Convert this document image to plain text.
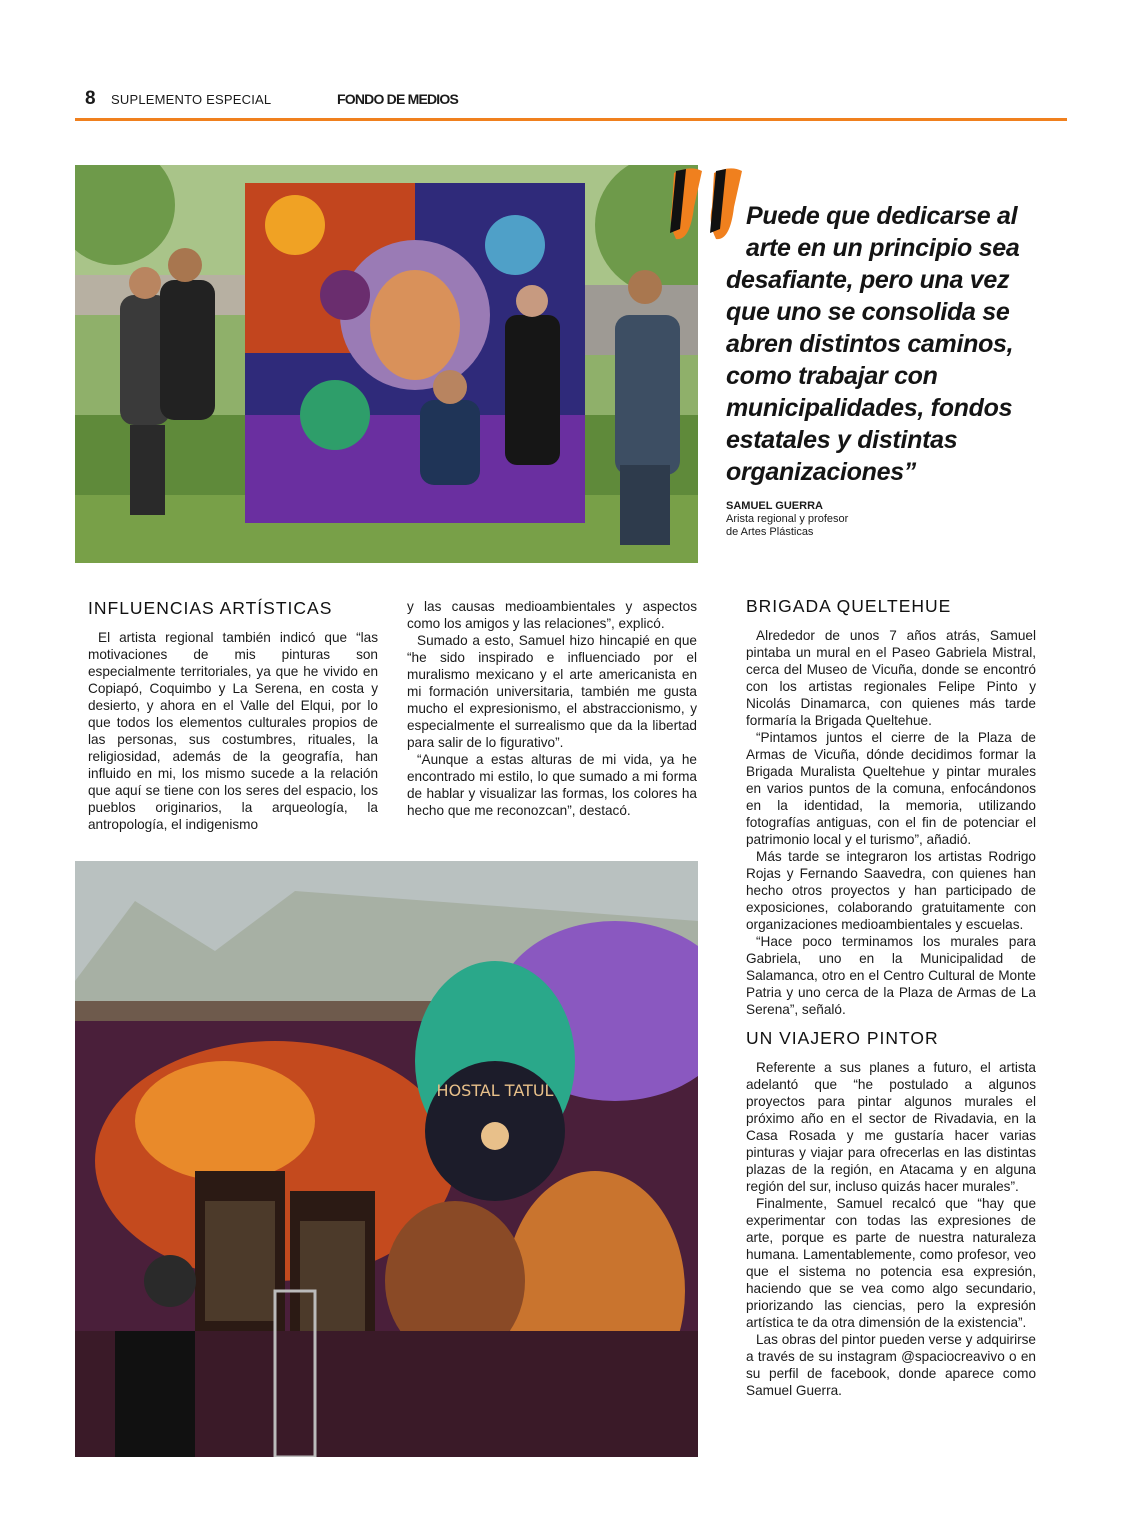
8 SUPLEMENTO ESPECIAL	FONDO DE MEDIOS

Puede que dedicarse al
arte en un principio sea
desafiante, pero una vez
que uno se consolida se
abren distintos caminos,
como trabajar con
municipalidades, fondos
estatales y distintas
organizaciones”

SAMUEL GUERRA
Arista regional y profesor
de Artes Plásticas
INFLUENCIAS ARTÍSTICAS

El artista regional también indicó que “las motivaciones de mis pinturas son especialmente territoriales, ya que he vivido en Copiapó, Coquimbo y La Serena, en costa y desierto, y ahora en el Valle del Elqui, por lo que todos los elementos culturales propios de las personas, sus costumbres, rituales, la religiosidad, además de la geografía, han influido en mi, los mismo sucede a la relación que aquí se tiene con los seres del espacio, los pueblos originarios, la arqueología, la antropología, el indigenismo

y las causas medioambientales y aspectos como los amigos y las relaciones”, explicó.

Sumado a esto, Samuel hizo hincapié en que “he sido inspirado e influenciado por el muralismo mexicano y el arte americanista en mi formación universitaria, también me gusta mucho el expresionismo, el abstraccionismo, y especialmente el surrealismo que da la libertad para salir de lo figurativo”.

“Aunque a estas alturas de mi vida, ya he encontrado mi estilo, lo que sumado a mi forma de hablar y visualizar las formas, los colores ha hecho que me reconozcan”, destacó.

BRIGADA QUELTEHUE

Alrededor de unos 7 años atrás, Samuel pintaba un mural en el Paseo Gabriela Mistral, cerca del Museo de Vicuña, donde se encontró con los artistas regionales Felipe Pinto y Nicolás Dinamarca, con quienes más tarde formaría la Brigada Queltehue.

“Pintamos juntos el cierre de la Plaza de Armas de Vicuña, dónde decidimos formar la Brigada Muralista Queltehue y pintar murales en varios puntos de la comuna, enfocándonos en la identidad, la memoria, utilizando fotografías antiguas, con el fin de potenciar el patrimonio local y el turismo”, añadió.

Más tarde se integraron los artistas Rodrigo Rojas y Fernando Saavedra, con quienes han hecho otros proyectos y han participado de exposiciones, colaborando gratuitamente con organizaciones medioambientales y escuelas.

“Hace poco terminamos los murales para Gabriela, uno en la Municipalidad de Salamanca, otro en el Centro Cultural de Monte Patria y uno cerca de la Plaza de Armas de La Serena”, señaló.

UN VIAJERO PINTOR

Referente a sus planes a futuro, el artista adelantó que “he postulado a algunos proyectos para pintar algunos murales el próximo año en el sector de Rivadavia, en la Casa Rosada y me gustaría hacer varias pinturas y viajar para ofrecerlas en las distintas plazas de la región, en Atacama y en alguna región del sur, incluso quizás hacer murales”.

Finalmente, Samuel recalcó que “hay que experimentar con todas las expresiones de arte, porque es parte de nuestra naturaleza humana. Lamentablemente, como profesor, veo que el sistema no potencia esa expresión, haciendo que se vea como algo secundario, priorizando las ciencias, pero la expresión artística te da otra dimensión de la existencia”.

Las obras del pintor pueden verse y adquirirse a través de su instagram @spaciocreavivo o en su perfil de facebook, donde aparece como Samuel Guerra.

HOSTAL TATUL
